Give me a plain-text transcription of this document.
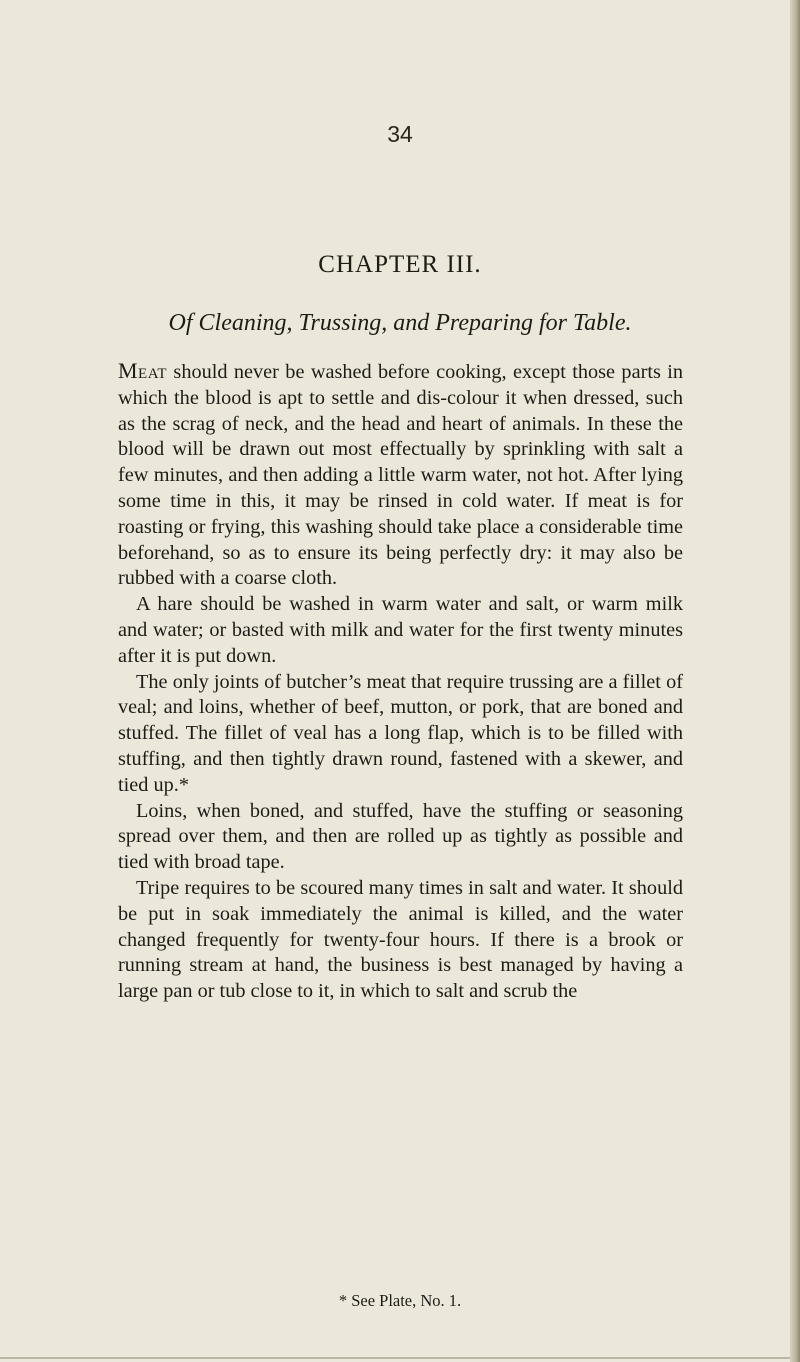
34
CHAPTER III.
Of Cleaning, Trussing, and Preparing for Table.

Meat should never be washed before cooking, except those parts in which the blood is apt to settle and dis-colour it when dressed, such as the scrag of neck, and the head and heart of animals. In these the blood will be drawn out most effectually by sprinkling with salt a few minutes, and then adding a little warm water, not hot. After lying some time in this, it may be rinsed in cold water. If meat is for roasting or frying, this washing should take place a considerable time beforehand, so as to ensure its being perfectly dry: it may also be rubbed with a coarse cloth.

A hare should be washed in warm water and salt, or warm milk and water; or basted with milk and water for the first twenty minutes after it is put down.

The only joints of butcher’s meat that require trussing are a fillet of veal; and loins, whether of beef, mutton, or pork, that are boned and stuffed. The fillet of veal has a long flap, which is to be filled with stuffing, and then tightly drawn round, fastened with a skewer, and tied up.*

Loins, when boned, and stuffed, have the stuffing or seasoning spread over them, and then are rolled up as tightly as possible and tied with broad tape.

Tripe requires to be scoured many times in salt and water. It should be put in soak immediately the animal is killed, and the water changed frequently for twenty-four hours. If there is a brook or running stream at hand, the business is best managed by having a large pan or tub close to it, in which to salt and scrub the

* See Plate, No. 1.
